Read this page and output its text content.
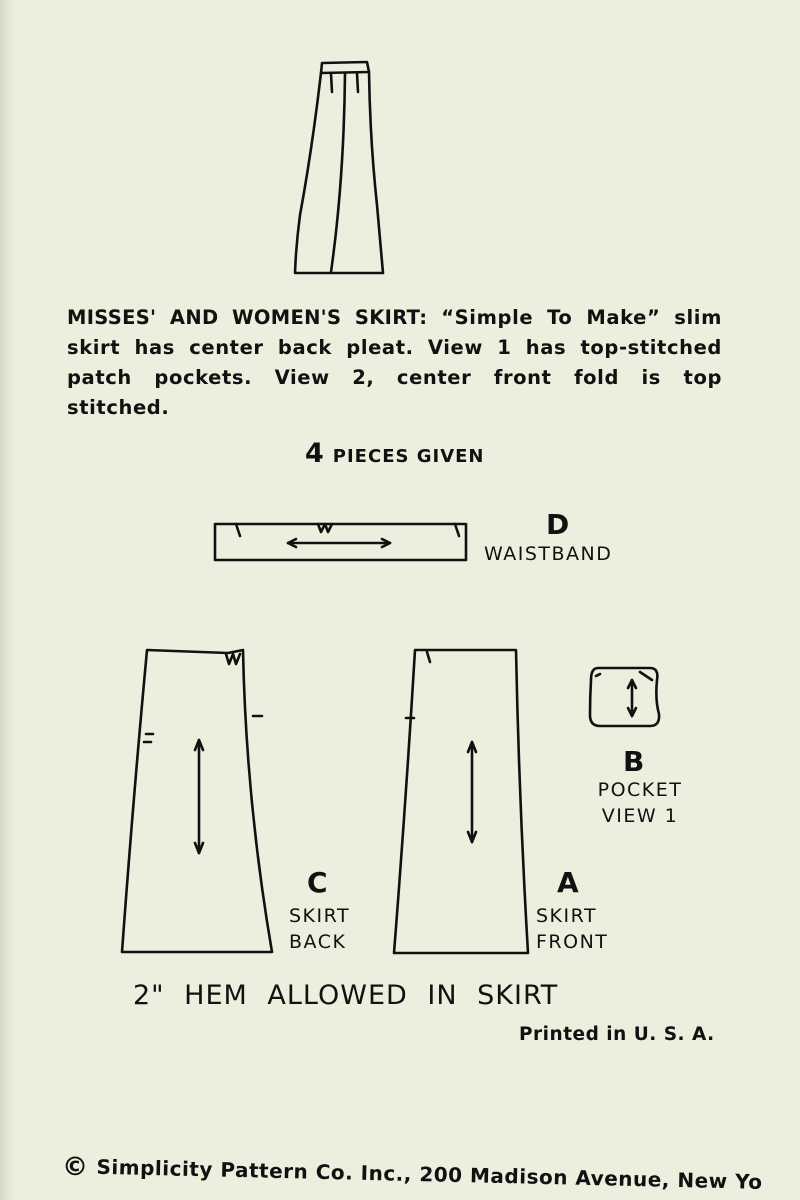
MISSES' AND WOMEN'S SKIRT: “Simple To Make” slim skirt has center back pleat. View 1 has top-stitched patch pockets. View 2, center front fold is top stitched.
4 PIECES GIVEN
D
WAISTBAND
B
POCKET
VIEW 1
C
SKIRT
BACK
A
SKIRT
FRONT
2" HEM ALLOWED IN SKIRT
Printed in U. S. A.
© Simplicity Pattern Co. Inc., 200 Madison Avenue, New Yo
